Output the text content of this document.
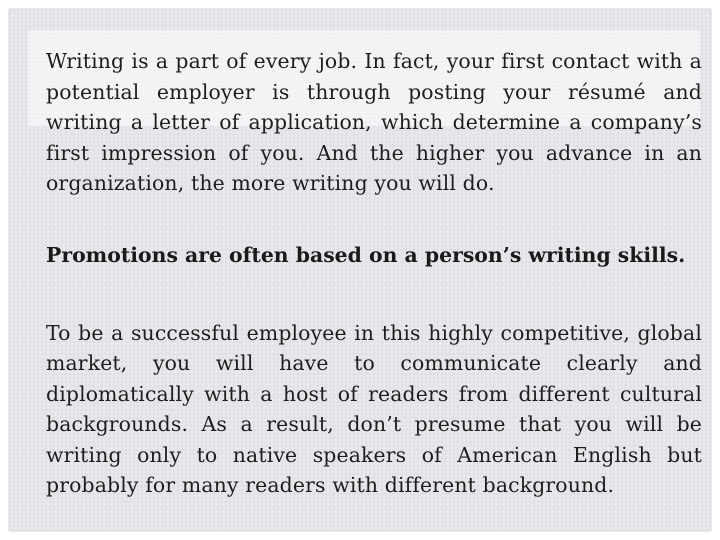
Writing is a part of every job. In fact, your first contact with a potential employer is through posting your résumé and writing a letter of application, which determine a company’s first impression of you. And the higher you advance in an organization, the more writing you will do.

Promotions are often based on a person’s writing skills.

To be a successful employee in this highly competitive, global market, you will have to communicate clearly and diplomatically with a host of readers from different cultural backgrounds. As a result, don’t presume that you will be writing only to native speakers of American English but probably for many readers with different background.
